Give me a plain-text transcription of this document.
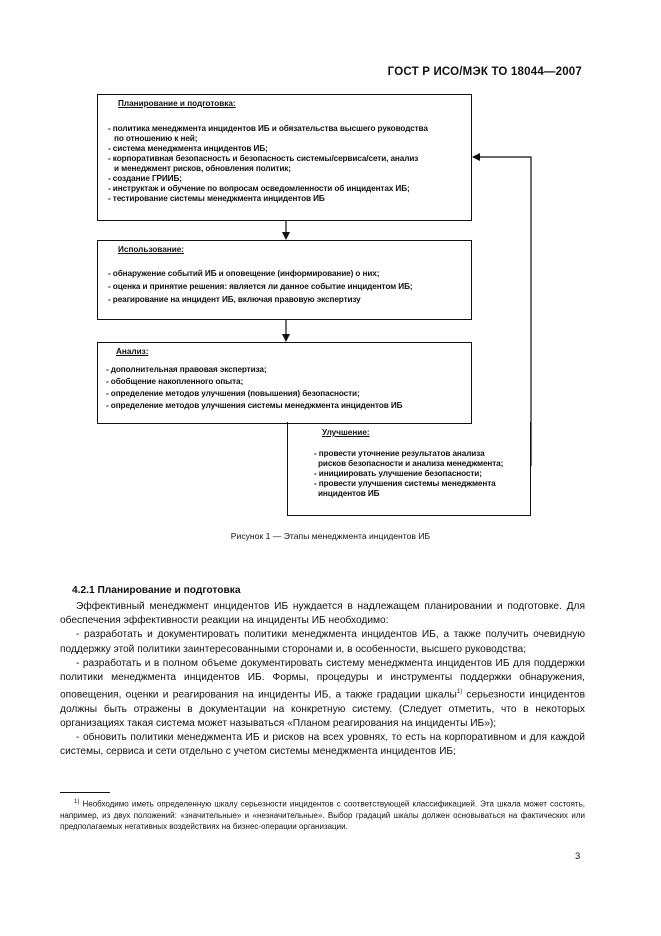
ГОСТ Р ИСО/МЭК ТО 18044—2007
Планирование и подготовка:
- политика менеджмента инцидентов ИБ и обязательства высшего руководства
по отношению к ней;
- система менеджмента инцидентов ИБ;
- корпоративная безопасность и безопасность системы/сервиса/сети, анализ
и менеджмент рисков, обновления политик;
- создание ГРИИБ;
- инструктаж и обучение по вопросам осведомленности об инцидентах ИБ;
- тестирование системы менеджмента инцидентов ИБ
Использование:
- обнаружение событий ИБ и оповещение (информирование) о них;
- оценка и принятие решения: является ли данное событие инцидентом ИБ;
- реагирование на инцидент ИБ, включая правовую экспертизу
Анализ:
- дополнительная правовая экспертиза;
- обобщение накопленного опыта;
- определение методов улучшения (повышения) безопасности;
- определение методов улучшения системы менеджмента инцидентов ИБ
Улучшение:
- провести уточнение результатов анализа
рисков безопасности и анализа менеджмента;
- инициировать улучшение безопасности;
- провести улучшения системы менеджмента
инцидентов ИБ
Рисунок 1 — Этапы менеджмента инцидентов ИБ
4.2.1 Планирование и подготовка

Эффективный менеджмент инцидентов ИБ нуждается в надлежащем планировании и подготовке. Для обеспечения эффективности реакции на инциденты ИБ необходимо:

- разработать и документировать политики менеджмента инцидентов ИБ, а также получить очевидную поддержку этой политики заинтересованными сторонами и, в особенности, высшего руководства;

- разработать и в полном объеме документировать систему менеджмента инцидентов ИБ для поддержки политики менеджмента инцидентов ИБ. Формы, процедуры и инструменты поддержки обнаружения, оповещения, оценки и реагирования на инциденты ИБ, а также градации шкалы$^{1)}$ серьезности инцидентов должны быть отражены в документации на конкретную систему. (Следует отметить, что в некоторых организациях такая система может называться «Планом реагирования на инциденты ИБ»);

- обновить политики менеджмента ИБ и рисков на всех уровнях, то есть на корпоративном и для каждой системы, сервиса и сети отдельно с учетом системы менеджмента инцидентов ИБ;

$^{1)}$ Необходимо иметь определенную шкалу серьезности инцидентов с соответствующей классификацией. Эта шкала может состоять, например, из двух положений: «значительные» и «незначительные». Выбор градаций шкалы должен основываться на фактических или предполагаемых негативных воздействиях на бизнес-операции организации.

3
